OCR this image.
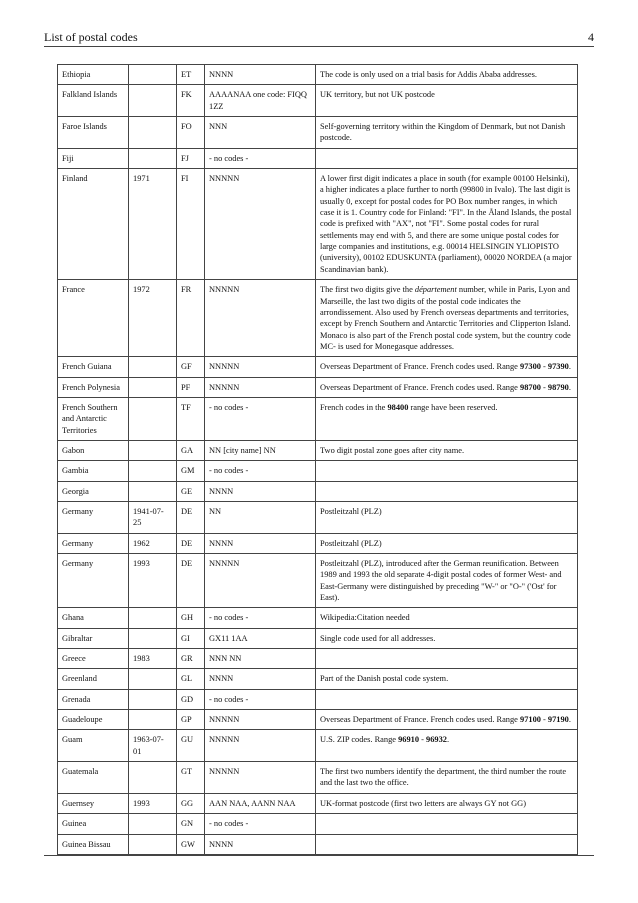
List of postal codes	4
Ethiopia		ET	NNNN	The code is only used on a trial basis for Addis Ababa addresses.
Falkland Islands		FK	AAAANAA one code: FIQQ 1ZZ	UK territory, but not UK postcode
Faroe Islands		FO	NNN	Self-governing territory within the Kingdom of Denmark, but not Danish postcode.
Fiji		FJ	- no codes -	
Finland	1971	FI	NNNNN	A lower first digit indicates a place in south (for example 00100 Helsinki), a higher indicates a place further to north (99800 in Ivalo). The last digit is usually 0, except for postal codes for PO Box number ranges, in which case it is 1. Country code for Finland: "FI". In the Åland Islands, the postal code is prefixed with "AX", not "FI". Some postal codes for rural settlements may end with 5, and there are some unique postal codes for large companies and institutions, e.g. 00014 HELSINGIN YLIOPISTO (university), 00102 EDUSKUNTA (parliament), 00020 NORDEA (a major Scandinavian bank).
France	1972	FR	NNNNN	The first two digits give the département number, while in Paris, Lyon and Marseille, the last two digits of the postal code indicates the arrondissement. Also used by French overseas departments and territories, except by French Southern and Antarctic Territories and Clipperton Island. Monaco is also part of the French postal code system, but the country code MC- is used for Monegasque addresses.
French Guiana		GF	NNNNN	Overseas Department of France. French codes used. Range 97300 - 97390.
French Polynesia		PF	NNNNN	Overseas Department of France. French codes used. Range 98700 - 98790.
French Southern and Antarctic Territories		TF	- no codes -	French codes in the 98400 range have been reserved.
Gabon		GA	NN [city name] NN	Two digit postal zone goes after city name.
Gambia		GM	- no codes -	
Georgia		GE	NNNN	
Germany	1941-07-25	DE	NN	Postleitzahl (PLZ)
Germany	1962	DE	NNNN	Postleitzahl (PLZ)
Germany	1993	DE	NNNNN	Postleitzahl (PLZ), introduced after the German reunification. Between 1989 and 1993 the old separate 4-digit postal codes of former West- and East-Germany were distinguished by preceding "W-" or "O-" ('Ost' for East).
Ghana		GH	- no codes -	Wikipedia:Citation needed
Gibraltar		GI	GX11 1AA	Single code used for all addresses.
Greece	1983	GR	NNN NN	
Greenland		GL	NNNN	Part of the Danish postal code system.
Grenada		GD	- no codes -	
Guadeloupe		GP	NNNNN	Overseas Department of France. French codes used. Range 97100 - 97190.
Guam	1963-07-01	GU	NNNNN	U.S. ZIP codes. Range 96910 - 96932.
Guatemala		GT	NNNNN	The first two numbers identify the department, the third number the route and the last two the office.
Guernsey	1993	GG	AAN NAA, AANN NAA	UK-format postcode (first two letters are always GY not GG)
Guinea		GN	- no codes -	
Guinea Bissau		GW	NNNN	
